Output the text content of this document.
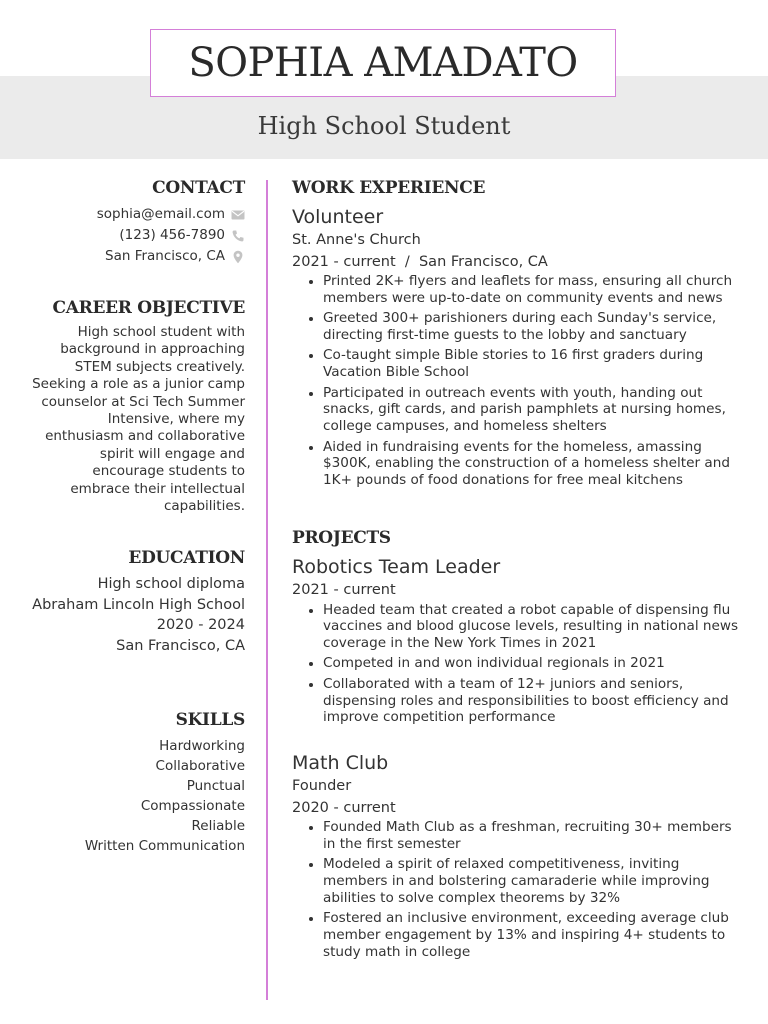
SOPHIA AMADATO
High School Student
CONTACT
sophia@email.com
(123) 456-7890
San Francisco, CA
CAREER OBJECTIVE

High school student with background in approaching STEM subjects creatively. Seeking a role as a junior camp counselor at Sci Tech Summer Intensive, where my enthusiasm and collaborative spirit will engage and encourage students to embrace their intellectual capabilities.

EDUCATION
High school diploma
Abraham Lincoln High School
2020 - 2024
San Francisco, CA
SKILLS
Hardworking
Collaborative
Punctual
Compassionate
Reliable
Written Communication
WORK EXPERIENCE
Volunteer
St. Anne's Church
2021 - current  /  San Francisco, CA
• Printed 2K+ flyers and leaflets for mass, ensuring all church members were up-to-date on community events and news
• Greeted 300+ parishioners during each Sunday's service, directing first-time guests to the lobby and sanctuary
• Co-taught simple Bible stories to 16 first graders during Vacation Bible School
• Participated in outreach events with youth, handing out snacks, gift cards, and parish pamphlets at nursing homes, college campuses, and homeless shelters
• Aided in fundraising events for the homeless, amassing $300K, enabling the construction of a homeless shelter and 1K+ pounds of food donations for free meal kitchens
PROJECTS
Robotics Team Leader
2021 - current
• Headed team that created a robot capable of dispensing flu vaccines and blood glucose levels, resulting in national news coverage in the New York Times in 2021
• Competed in and won individual regionals in 2021
• Collaborated with a team of 12+ juniors and seniors, dispensing roles and responsibilities to boost efficiency and improve competition performance
Math Club
Founder
2020 - current
• Founded Math Club as a freshman, recruiting 30+ members in the first semester
• Modeled a spirit of relaxed competitiveness, inviting members in and bolstering camaraderie while improving abilities to solve complex theorems by 32%
• Fostered an inclusive environment, exceeding average club member engagement by 13% and inspiring 4+ students to study math in college
